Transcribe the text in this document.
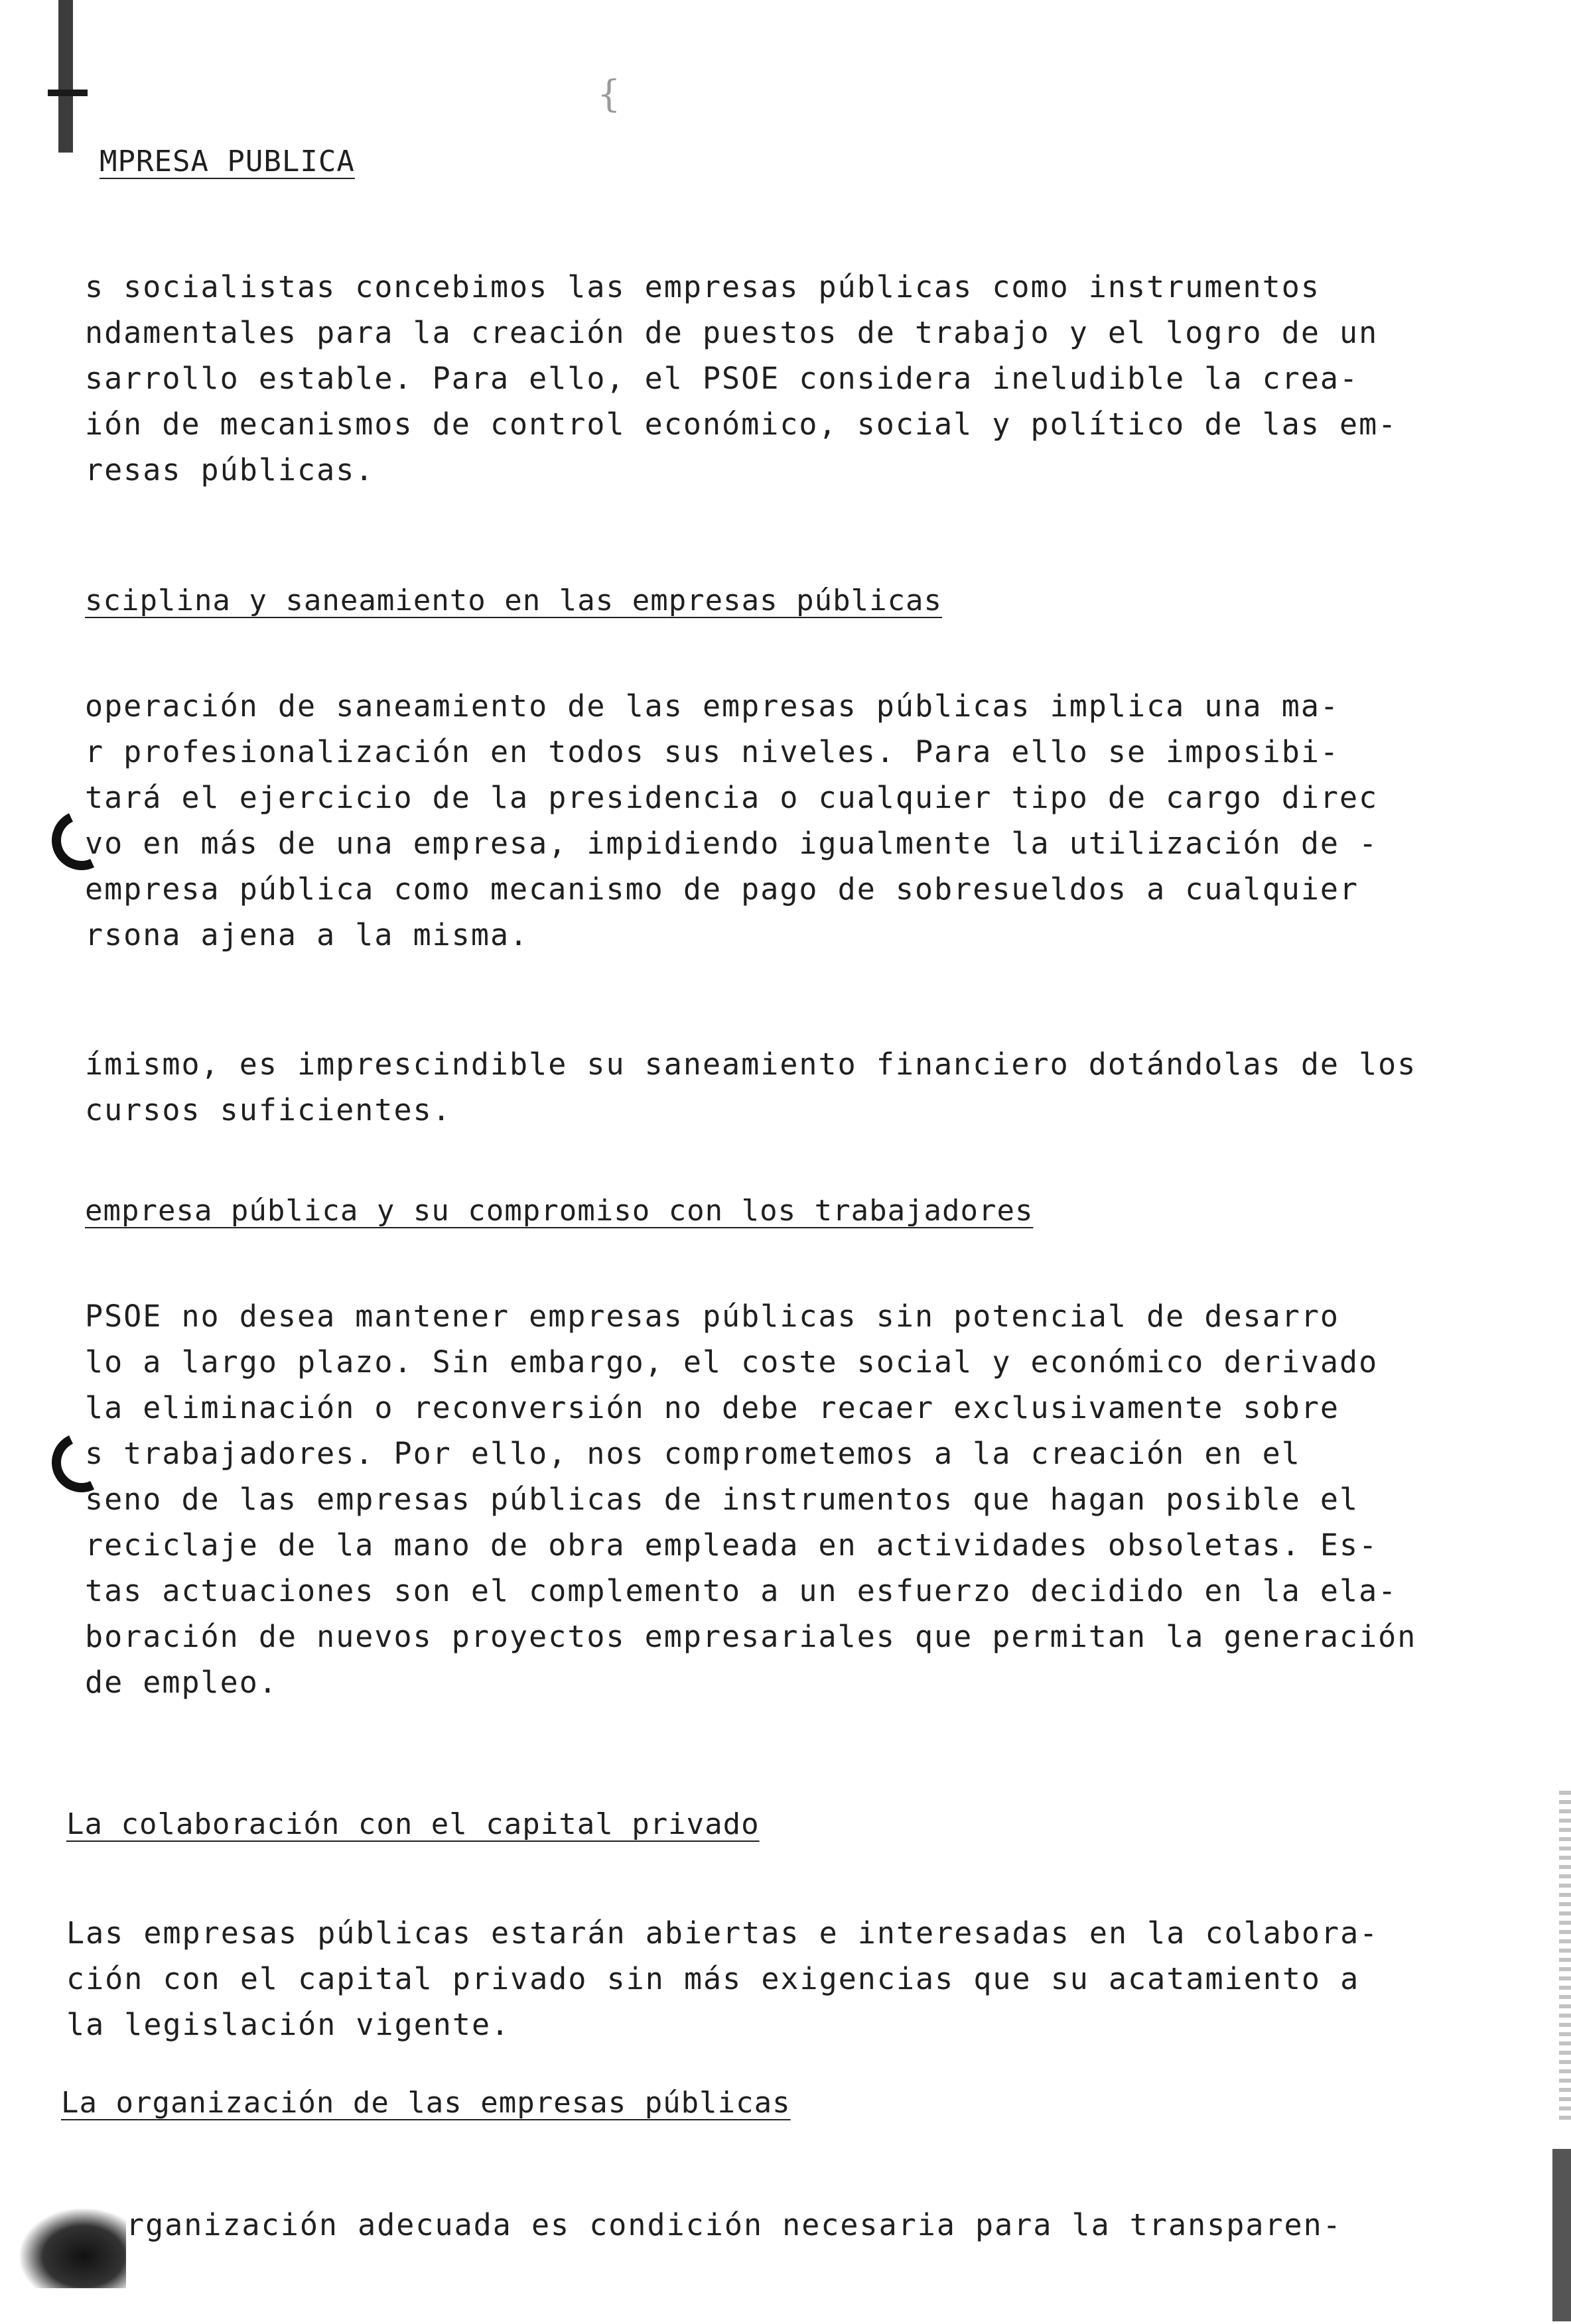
{
MPRESA PUBLICA
s socialistas concebimos las empresas públicas como instrumentos
ndamentales para la creación de puestos de trabajo y el logro de un
sarrollo estable. Para ello, el PSOE considera ineludible la crea-
ión de mecanismos de control económico, social y político de las em-
resas públicas.
sciplina y saneamiento en las empresas públicas
operación de saneamiento de las empresas públicas implica una ma-
r profesionalización en todos sus niveles. Para ello se imposibi-
tará el ejercicio de la presidencia o cualquier tipo de cargo direc
vo en más de una empresa, impidiendo igualmente la utilización de -
empresa pública como mecanismo de pago de sobresueldos a cualquier
rsona ajena a la misma.
ímismo, es imprescindible su saneamiento financiero dotándolas de los
cursos suficientes.
empresa pública y su compromiso con los trabajadores
PSOE no desea mantener empresas públicas sin potencial de desarro
lo a largo plazo. Sin embargo, el coste social y económico derivado
la eliminación o reconversión no debe recaer exclusivamente sobre
s trabajadores. Por ello, nos comprometemos a la creación en el
seno de las empresas públicas de instrumentos que hagan posible el
reciclaje de la mano de obra empleada en actividades obsoletas. Es-
tas actuaciones son el complemento a un esfuerzo decidido en la ela-
boración de nuevos proyectos empresariales que permitan la generación
de empleo.
La colaboración con el capital privado
Las empresas públicas estarán abiertas e interesadas en la colabora-
ción con el capital privado sin más exigencias que su acatamiento a
la legislación vigente.
La organización de las empresas públicas
rganización adecuada es condición necesaria para la transparen-
